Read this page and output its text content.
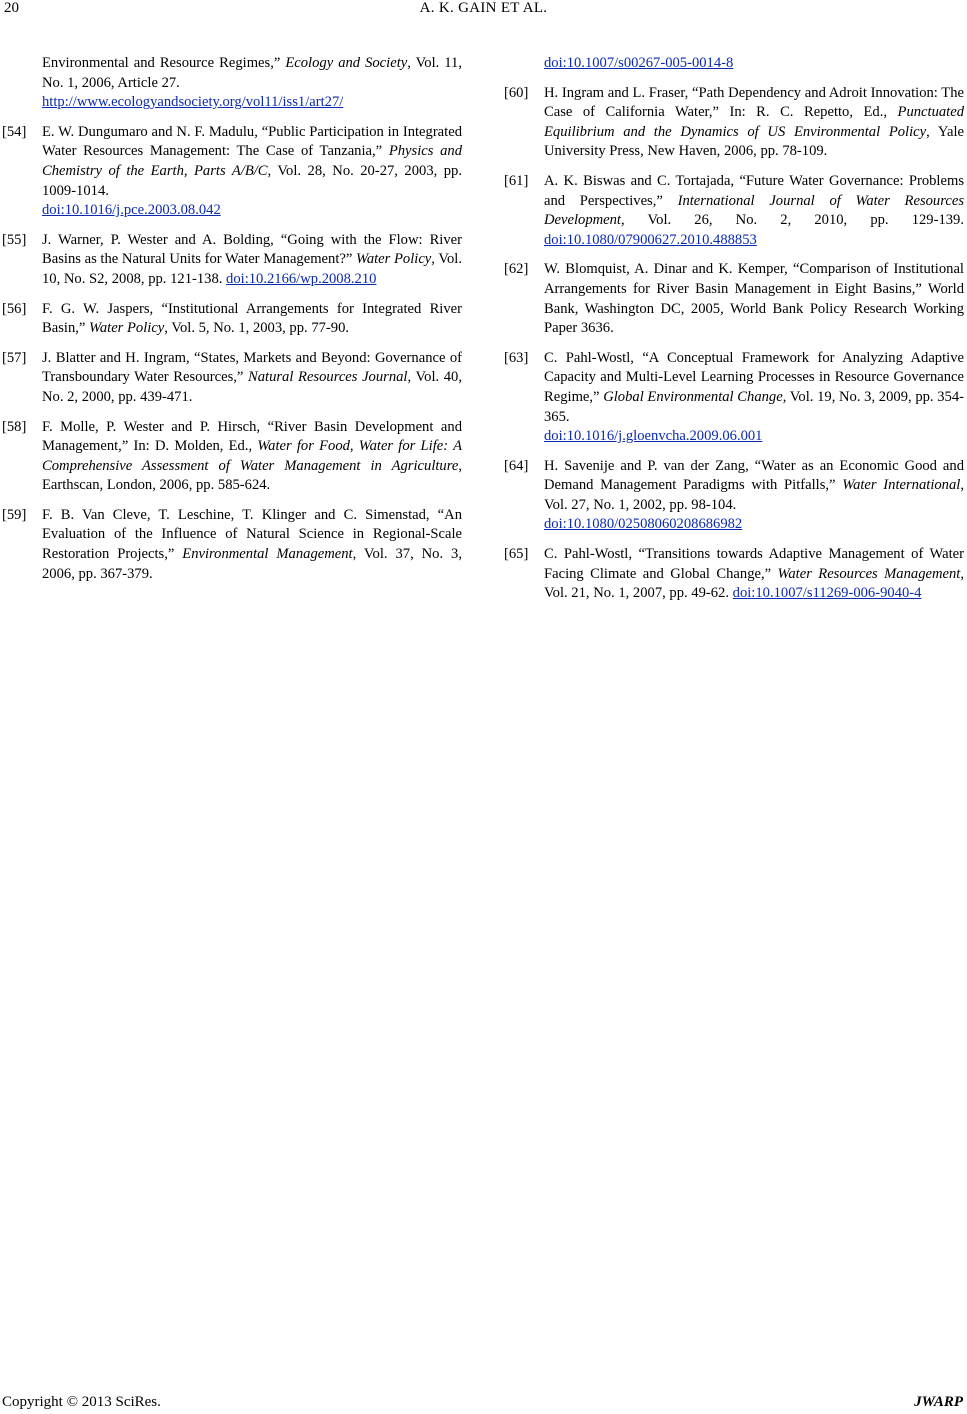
20	A. K. GAIN ET AL.
Environmental and Resource Regimes,” Ecology and Society, Vol. 11, No. 1, 2006, Article 27.
http://www.ecologyandsociety.org/vol11/iss1/art27/
[54] E. W. Dungumaro and N. F. Madulu, “Public Participation in Integrated Water Resources Management: The Case of Tanzania,” Physics and Chemistry of the Earth, Parts A/B/C, Vol. 28, No. 20-27, 2003, pp. 1009-1014.
doi:10.1016/j.pce.2003.08.042
[55] J. Warner, P. Wester and A. Bolding, “Going with the Flow: River Basins as the Natural Units for Water Management?” Water Policy, Vol. 10, No. S2, 2008, pp. 121-138. doi:10.2166/wp.2008.210
[56] F. G. W. Jaspers, “Institutional Arrangements for Integrated River Basin,” Water Policy, Vol. 5, No. 1, 2003, pp. 77-90.
[57] J. Blatter and H. Ingram, “States, Markets and Beyond: Governance of Transboundary Water Resources,” Natural Resources Journal, Vol. 40, No. 2, 2000, pp. 439-471.
[58] F. Molle, P. Wester and P. Hirsch, “River Basin Development and Management,” In: D. Molden, Ed., Water for Food, Water for Life: A Comprehensive Assessment of Water Management in Agriculture, Earthscan, London, 2006, pp. 585-624.
[59] F. B. Van Cleve, T. Leschine, T. Klinger and C. Simenstad, “An Evaluation of the Influence of Natural Science in Regional-Scale Restoration Projects,” Environmental Management, Vol. 37, No. 3, 2006, pp. 367-379.
doi:10.1007/s00267-005-0014-8
[60] H. Ingram and L. Fraser, “Path Dependency and Adroit Innovation: The Case of California Water,” In: R. C. Repetto, Ed., Punctuated Equilibrium and the Dynamics of US Environmental Policy, Yale University Press, New Haven, 2006, pp. 78-109.
[61] A. K. Biswas and C. Tortajada, “Future Water Governance: Problems and Perspectives,” International Journal of Water Resources Development, Vol. 26, No. 2, 2010, pp. 129-139. doi:10.1080/07900627.2010.488853
[62] W. Blomquist, A. Dinar and K. Kemper, “Comparison of Institutional Arrangements for River Basin Management in Eight Basins,” World Bank, Washington DC, 2005, World Bank Policy Research Working Paper 3636.
[63] C. Pahl-Wostl, “A Conceptual Framework for Analyzing Adaptive Capacity and Multi-Level Learning Processes in Resource Governance Regime,” Global Environmental Change, Vol. 19, No. 3, 2009, pp. 354-365.
doi:10.1016/j.gloenvcha.2009.06.001
[64] H. Savenije and P. van der Zang, “Water as an Economic Good and Demand Management Paradigms with Pitfalls,” Water International, Vol. 27, No. 1, 2002, pp. 98-104.
doi:10.1080/02508060208686982
[65] C. Pahl-Wostl, “Transitions towards Adaptive Management of Water Facing Climate and Global Change,” Water Resources Management, Vol. 21, No. 1, 2007, pp. 49-62. doi:10.1007/s11269-006-9040-4
Copyright © 2013 SciRes.	JWARP
